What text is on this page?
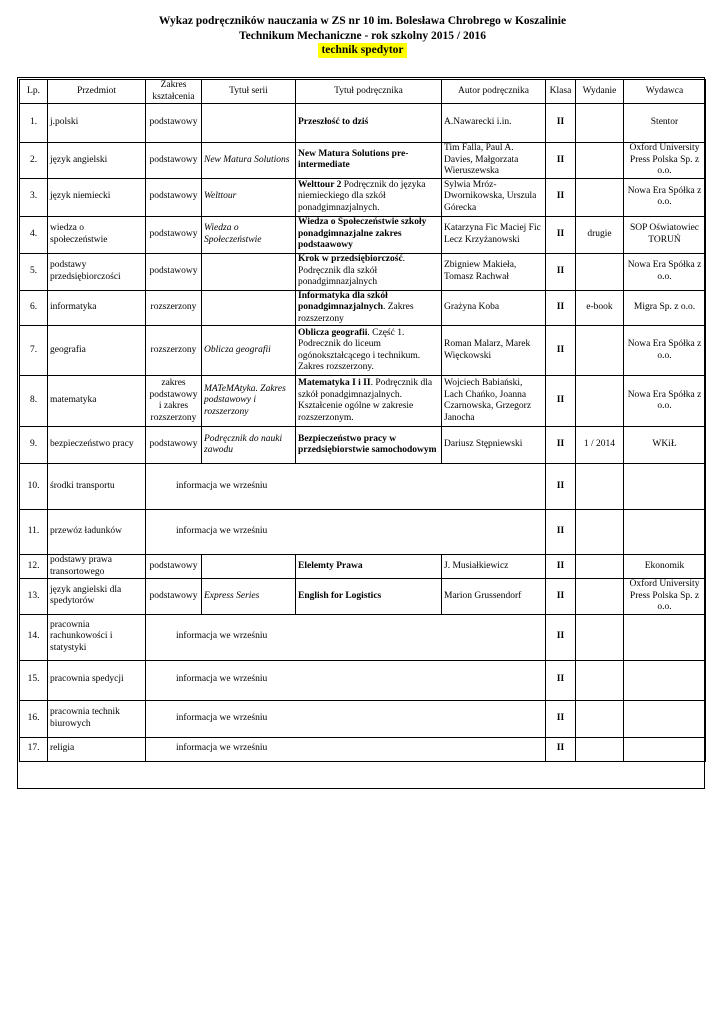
Wykaz podręczników nauczania w ZS nr 10 im. Bolesława Chrobrego w Koszalinie
Technikum Mechaniczne - rok szkolny 2015 / 2016
technik spedytor
Lp.	Przedmiot	Zakres kształcenia	Tytuł serii	Tytuł podręcznika	Autor podręcznika	Klasa	Wydanie	Wydawca
1.	j.polski	podstawowy		Przeszłość to dziś	A.Nawarecki i.in.	II		Stentor
2.	język angielski	podstawowy	New Matura Solutions	New Matura Solutions pre-intermediate	Tim Falla, Paul A. Davies, Małgorzata Wieruszewska	II		Oxford University Press Polska Sp. z o.o.
3.	język niemiecki	podstawowy	Welttour	Welttour 2 Podręcznik do języka niemieckiego dla szkół ponadgimnazjalnych.	Sylwia Mróz-Dwornikowska, Urszula Górecka	II		Nowa Era Spółka z o.o.
4.	wiedza o społeczeństwie	podstawowy	Wiedza o Społeczeństwie	Wiedza o Społeczeństwie szkoły ponadgimnazjalne zakres podstaawowy	Katarzyna Fic Maciej Fic Lecz Krzyżanowski	II	drugie	SOP Oświatowiec TORUŃ
5.	podstawy przedsiębiorczości	podstawowy		Krok w przedsiębiorczość. Podręcznik dla szkół ponadgimnazjalnych	Zbigniew Makieła, Tomasz Rachwał	II		Nowa Era Spółka z o.o.
6.	informatyka	rozszerzony		Informatyka dla szkół ponadgimnazjalnych. Zakres rozszerzony	Grażyna Koba	II	e-book	Migra Sp. z o.o.
7.	geografia	rozszerzony	Oblicza geografii	Oblicza geografii. Część 1. Podrecznik do liceum ogónokształcącego i technikum. Zakres rozszerzony.	Roman Malarz, Marek Więckowski	II		Nowa Era Spółka z o.o.
8.	matematyka	zakres podstawowy i zakres rozszerzony	MATeMAtyka. Zakres podstawowy i rozszerzony	Matematyka I i II. Podręcznik dla szkół ponadgimnazjalnych. Kształcenie ogólne w zakresie rozszerzonym.	Wojciech Babiański, Lach Chańko, Joanna Czarnowska, Grzegorz Janocha	II		Nowa Era Spółka z o.o.
9.	bezpieczeństwo pracy	podstawowy	Podręcznik do nauki zawodu	Bezpieczeństwo pracy w przedsiębiorstwie samochodowym	Dariusz Stępniewski	II	1 / 2014	WKiŁ
10.	środki transportu	informacja we wrześniu				II		
11.	przewóz ładunków	informacja we wrześniu				II		
12.	podstawy prawa transortowego	podstawowy		Elelemty Prawa	J. Musiałkiewicz	II		Ekonomik
13.	język angielski dla spedytorów	podstawowy	Express Series	English for Logistics	Marion Grussendorf	II		Oxford University Press Polska Sp. z o.o.
14.	pracownia rachunkowości i statystyki	informacja we wrześniu				II		
15.	pracownia spedycji	informacja we wrześniu				II		
16.	pracownia technik biurowych	informacja we wrześniu				II		
17.	religia	informacja we wrześniu				II		
